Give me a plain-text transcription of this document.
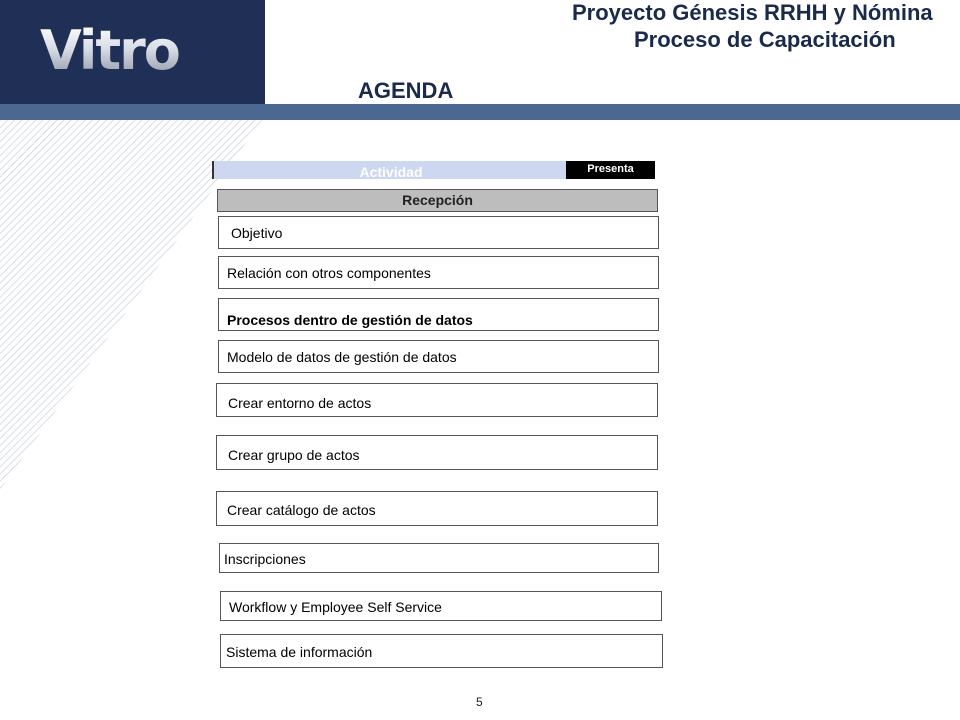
Vitro
Proyecto Génesis RRHH y Nómina
Proceso de Capacitación
AGENDA
Actividad	Presenta
Recepción
Objetivo
Relación con otros componentes
Procesos dentro de gestión de datos
Modelo de datos de gestión de datos
Crear entorno de actos
Crear grupo de actos
Crear catálogo de actos
Inscripciones
Workflow y Employee Self Service
Sistema de información
5
